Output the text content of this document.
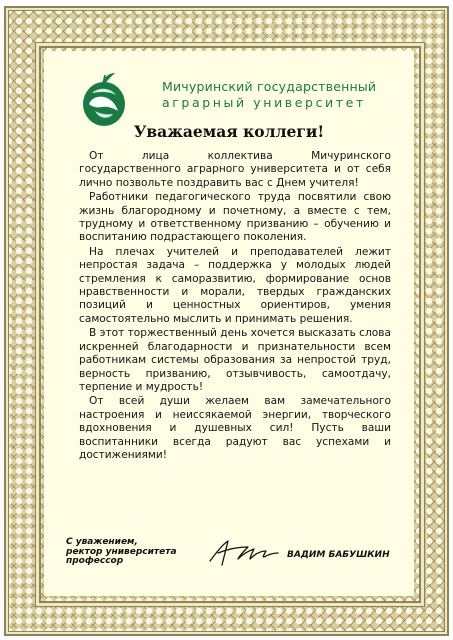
Мичуринский государственный
аграрный университет
Уважаемая коллеги!

От лица коллектива Мичуринского государственного аграрного университета и от себя лично позвольте поздравить вас с Днем учителя!

Работники педагогического труда посвятили свою жизнь благородному и почетному, а вместе с тем, трудному и ответственному призванию – обучению и воспитанию подрастающего поколения.

На плечах учителей и преподавателей лежит непростая задача – поддержка у молодых людей стремления к саморазвитию, формирование основ нравственности и морали, твердых гражданских позиций и ценностных ориентиров, умения самостоятельно мыслить и принимать решения.

В этот торжественный день хочется высказать слова искренней благодарности и признательности всем работникам системы образования за непростой труд, верность призванию, отзывчивость, самоотдачу, терпение и мудрость!

От всей души желаем вам замечательного настроения и неиссякаемой энергии, творческого вдохновения и душевных сил! Пусть ваши воспитанники всегда радуют вас успехами и достижениями!

С уважением,
ректор университета
профессор
ВАДИМ БАБУШКИН
